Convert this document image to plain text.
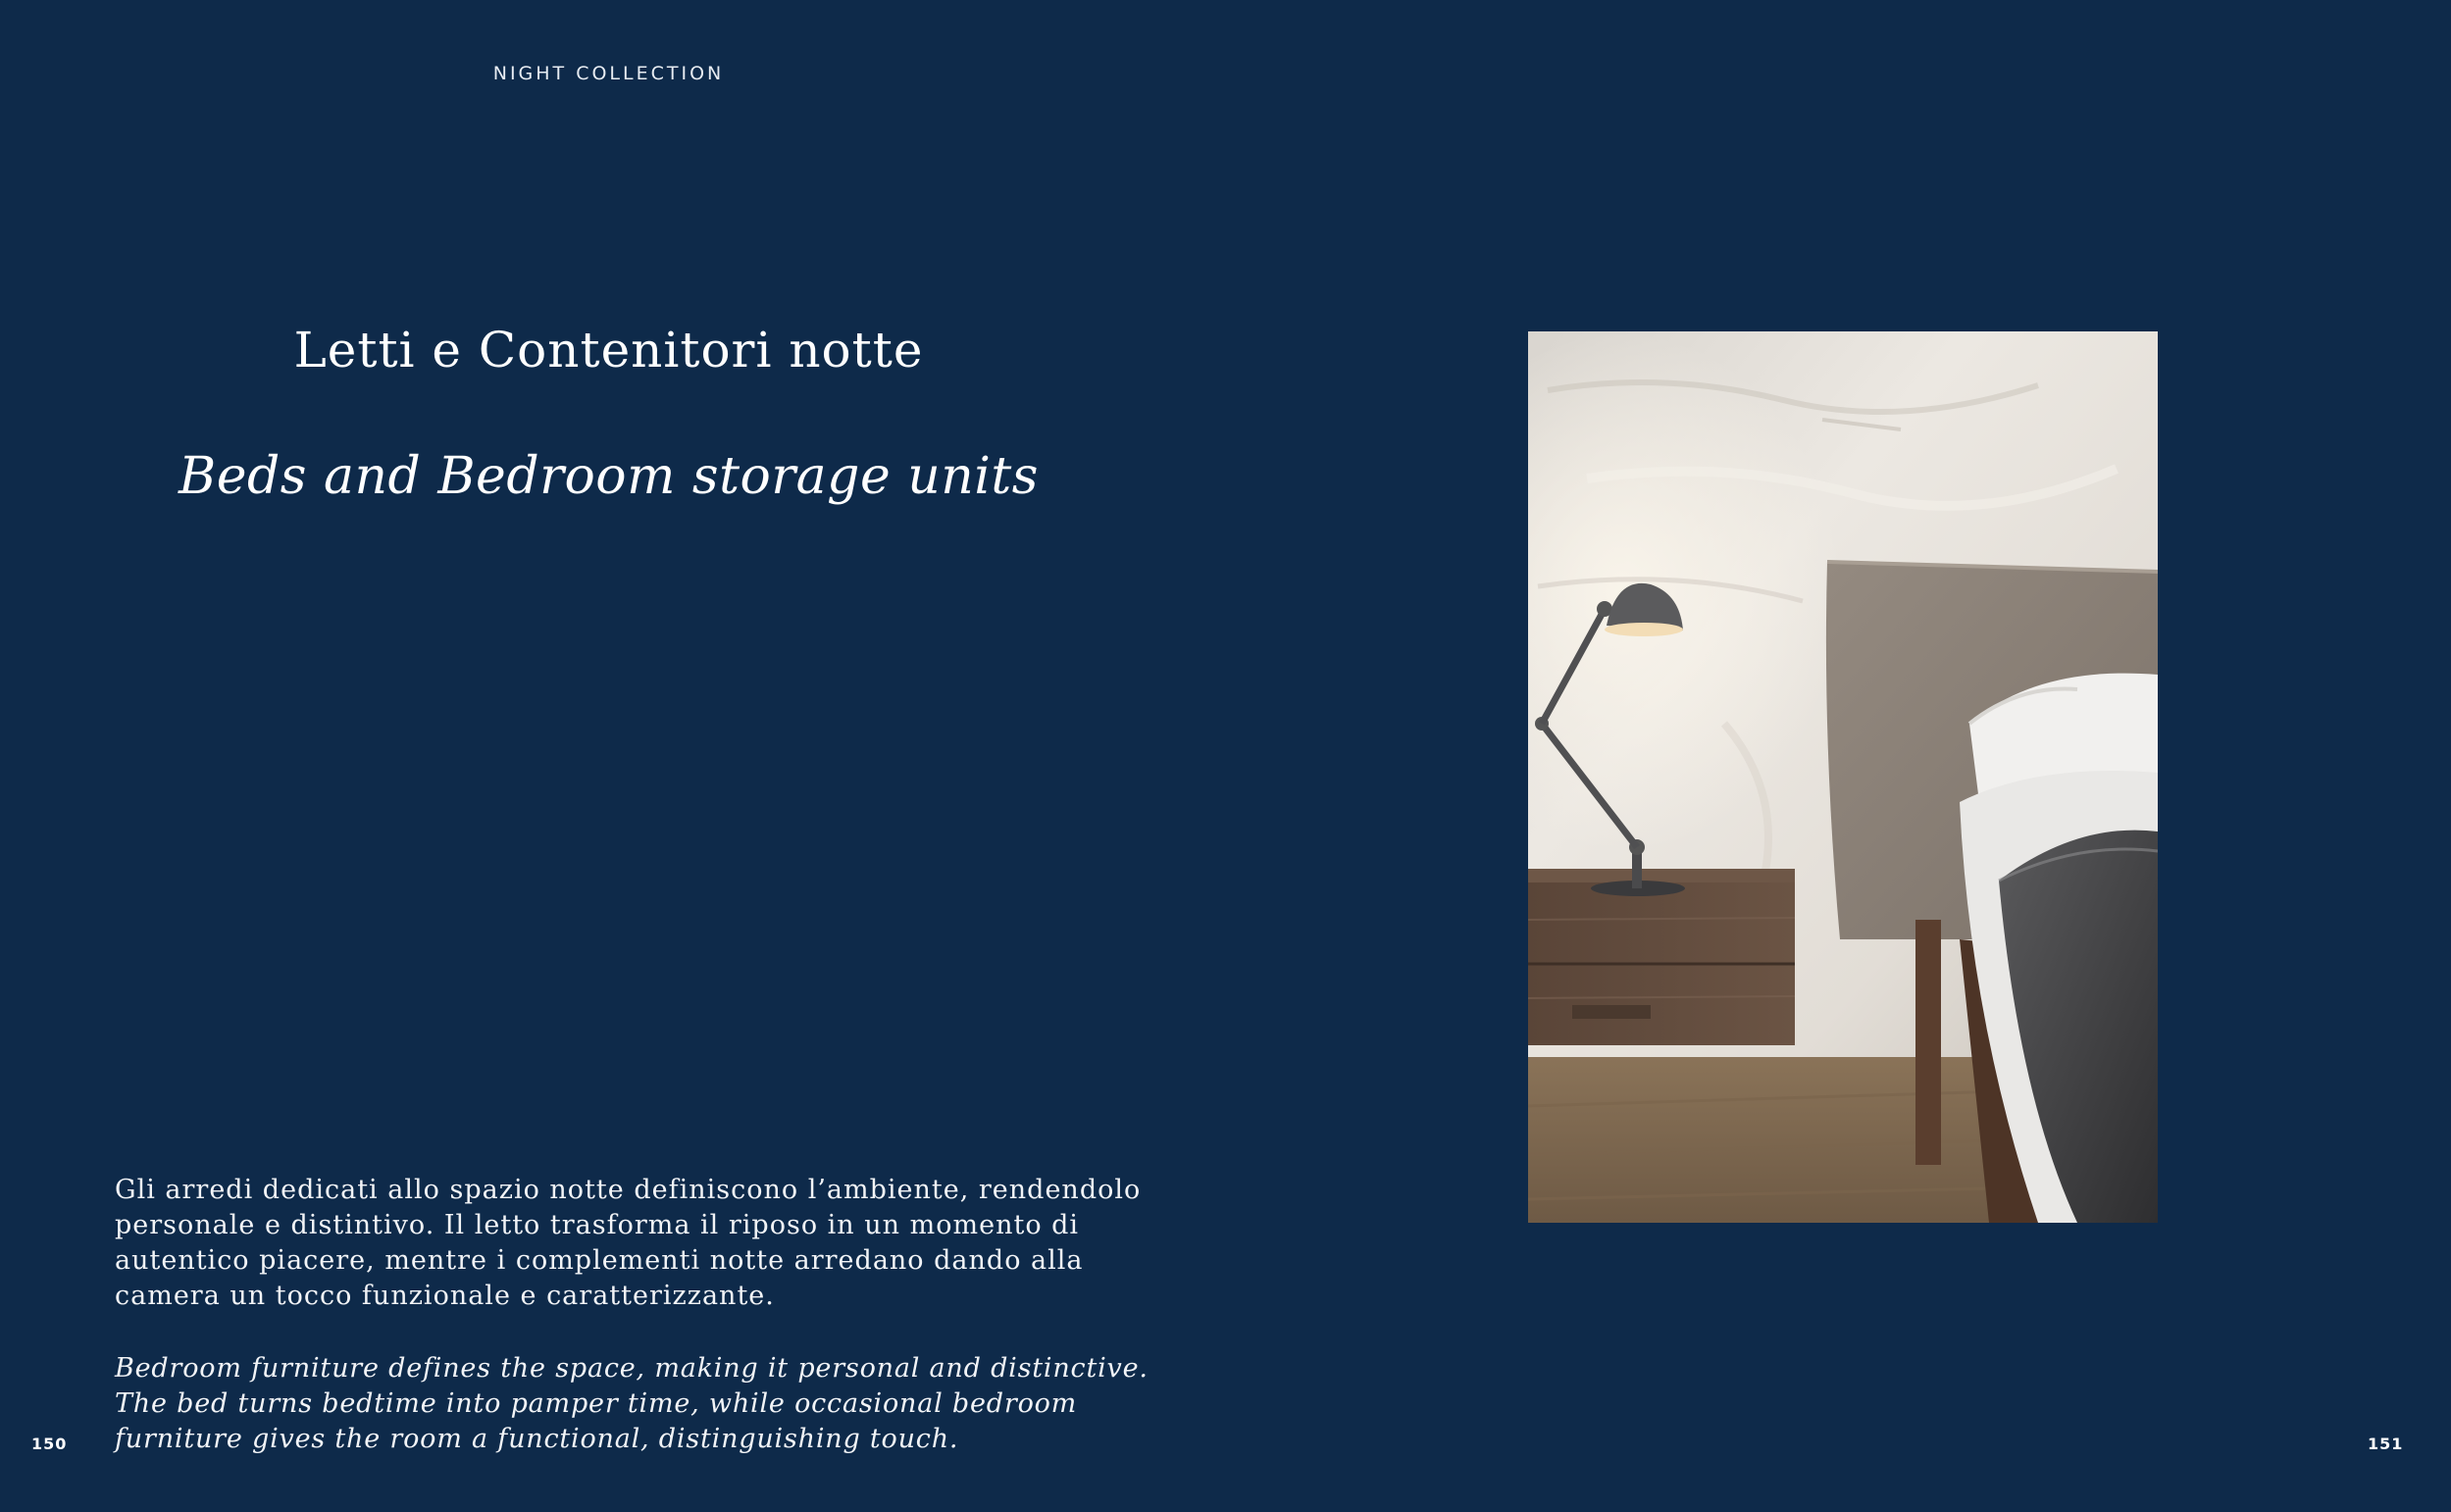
NIGHT COLLECTION
Letti e Contenitori notte
Beds and Bedroom storage units

Gli arredi dedicati allo spazio notte definiscono l’ambiente, rendendolo personale e distintivo. Il letto trasforma il riposo in un momento di autentico piacere, mentre i complementi notte arredano dando alla camera un tocco funzionale e caratterizzante.

Bedroom furniture defines the space, making it personal and distinctive. The bed turns bedtime into pamper time, while occasional bedroom furniture gives the room a functional, distinguishing touch.

150	151
